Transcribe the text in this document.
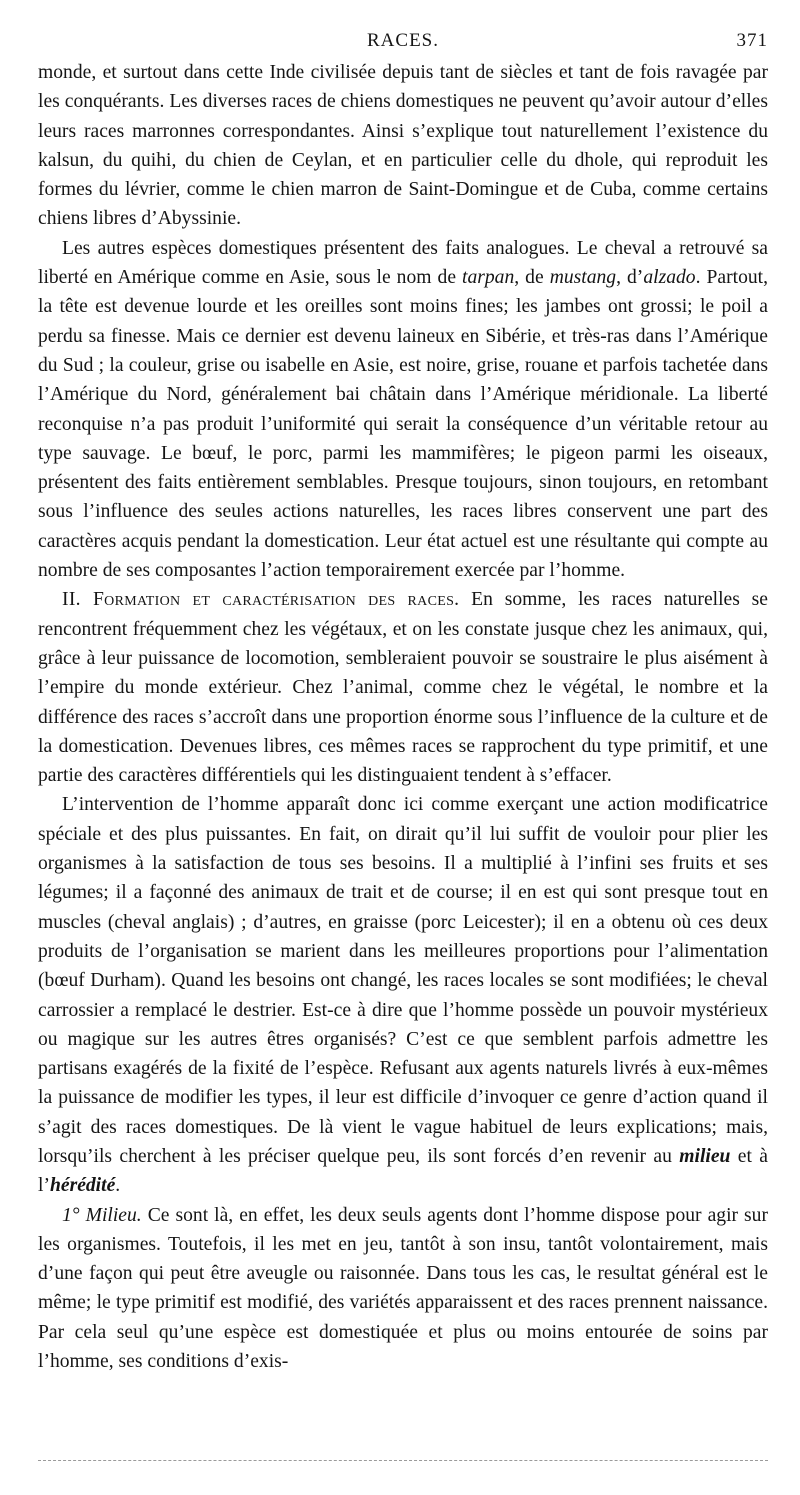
RACES.	371

monde, et surtout dans cette Inde civilisée depuis tant de siècles et tant de fois ravagée par les conquérants. Les diverses races de chiens domestiques ne peuvent qu’avoir autour d’elles leurs races marronnes correspondantes. Ainsi s’explique tout naturellement l’existence du kalsun, du quihi, du chien de Ceylan, et en particulier celle du dhole, qui reproduit les formes du lévrier, comme le chien marron de Saint-Domingue et de Cuba, comme certains chiens libres d’Abyssinie.

Les autres espèces domestiques présentent des faits analogues. Le cheval a retrouvé sa liberté en Amérique comme en Asie, sous le nom de tarpan, de mustang, d’alzado. Partout, la tête est devenue lourde et les oreilles sont moins fines; les jambes ont grossi; le poil a perdu sa finesse. Mais ce dernier est devenu laineux en Sibérie, et très-ras dans l’Amérique du Sud ; la couleur, grise ou isabelle en Asie, est noire, grise, rouane et parfois tachetée dans l’Amérique du Nord, généralement bai châtain dans l’Amérique méridionale. La liberté reconquise n’a pas produit l’uniformité qui serait la conséquence d’un véritable retour au type sauvage. Le bœuf, le porc, parmi les mammifères; le pigeon parmi les oiseaux, présentent des faits entièrement semblables. Presque toujours, sinon toujours, en retombant sous l’influence des seules actions naturelles, les races libres conservent une part des caractères acquis pendant la domestication. Leur état actuel est une résultante qui compte au nombre de ses composantes l’action temporairement exercée par l’homme.

II. Formation et caractérisation des races. En somme, les races naturelles se rencontrent fréquemment chez les végétaux, et on les constate jusque chez les animaux, qui, grâce à leur puissance de locomotion, sembleraient pouvoir se soustraire le plus aisément à l’empire du monde extérieur. Chez l’animal, comme chez le végétal, le nombre et la différence des races s’accroît dans une proportion énorme sous l’influence de la culture et de la domestication. Devenues libres, ces mêmes races se rapprochent du type primitif, et une partie des caractères différentiels qui les distinguaient tendent à s’effacer.

L’intervention de l’homme apparaît donc ici comme exerçant une action modificatrice spéciale et des plus puissantes. En fait, on dirait qu’il lui suffit de vouloir pour plier les organismes à la satisfaction de tous ses besoins. Il a multiplié à l’infini ses fruits et ses légumes; il a façonné des animaux de trait et de course; il en est qui sont presque tout en muscles (cheval anglais) ; d’autres, en graisse (porc Leicester); il en a obtenu où ces deux produits de l’organisation se marient dans les meilleures proportions pour l’alimentation (bœuf Durham). Quand les besoins ont changé, les races locales se sont modifiées; le cheval carrossier a remplacé le destrier. Est-ce à dire que l’homme possède un pouvoir mystérieux ou magique sur les autres êtres organisés? C’est ce que semblent parfois admettre les partisans exagérés de la fixité de l’espèce. Refusant aux agents naturels livrés à eux-mêmes la puissance de modifier les types, il leur est difficile d’invoquer ce genre d’action quand il s’agit des races domestiques. De là vient le vague habituel de leurs explications; mais, lorsqu’ils cherchent à les préciser quelque peu, ils sont forcés d’en revenir au milieu et à l’hérédité.

1° Milieu. Ce sont là, en effet, les deux seuls agents dont l’homme dispose pour agir sur les organismes. Toutefois, il les met en jeu, tantôt à son insu, tantôt volontairement, mais d’une façon qui peut être aveugle ou raisonnée. Dans tous les cas, le resultat général est le même; le type primitif est modifié, des variétés apparaissent et des races prennent naissance. Par cela seul qu’une espèce est domestiquée et plus ou moins entourée de soins par l’homme, ses conditions d’exis-
